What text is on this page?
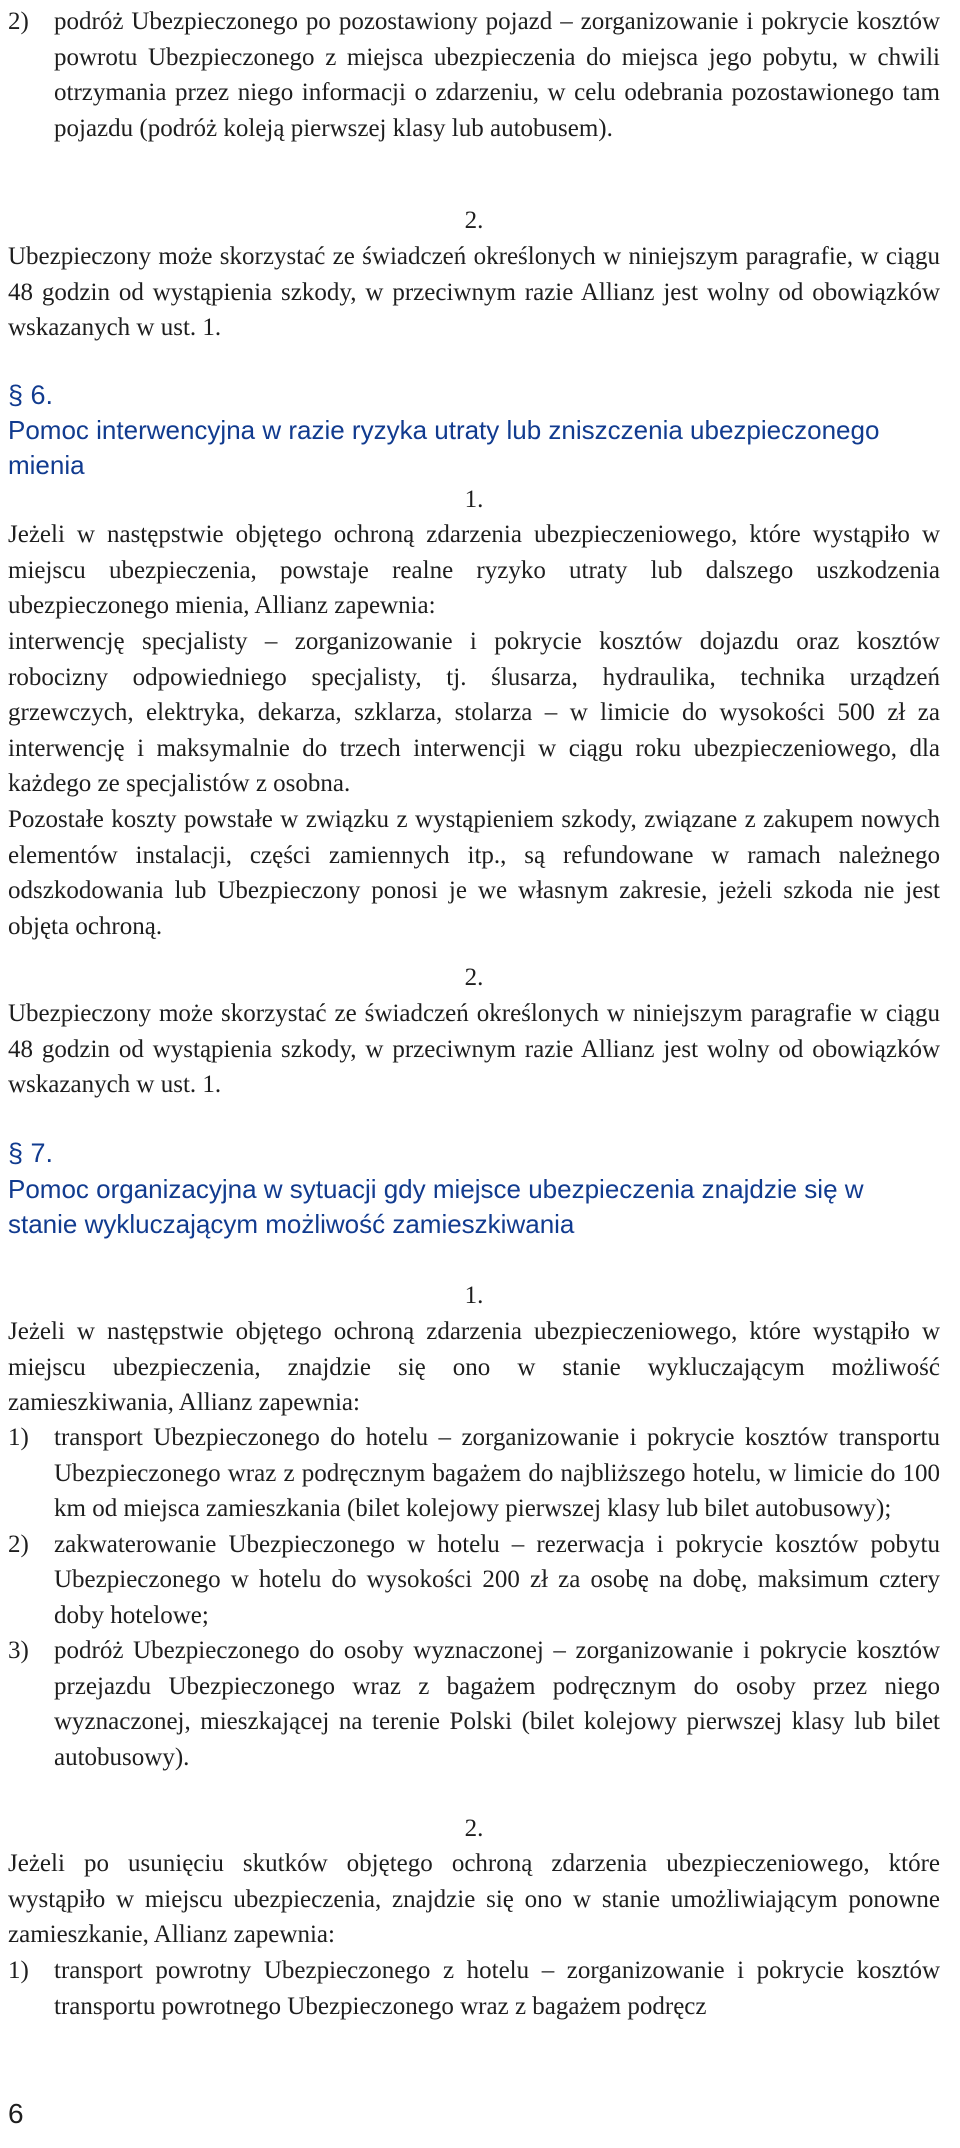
2)	podróż Ubezpieczonego po pozostawiony pojazd – zorganizowanie i pokrycie kosztów powrotu Ubezpieczonego z miejsca ubezpieczenia do miejsca jego pobytu, w chwili otrzymania przez niego informacji o zdarzeniu, w celu odebrania pozostawionego tam pojazdu (podróż koleją pierwszej klasy lub autobusem).

2.

Ubezpieczony może skorzystać ze świadczeń określonych w niniejszym paragrafie, w ciągu 48 godzin od wystąpienia szkody, w przeciwnym razie Allianz jest wolny od obowiązków wskazanych w ust. 1.

§ 6.

Pomoc interwencyjna w razie ryzyka utraty lub zniszczenia ubezpieczonego mienia

1.

Jeżeli w następstwie objętego ochroną zdarzenia ubezpieczeniowego, które wystąpiło w miejscu ubezpieczenia, powstaje realne ryzyko utraty lub dalszego uszkodzenia ubezpieczonego mienia, Allianz zapewnia:

interwencję specjalisty – zorganizowanie i pokrycie kosztów dojazdu oraz kosztów robocizny odpowiedniego specjalisty, tj. ślusarza, hydraulika, technika urządzeń grzewczych, elektryka, dekarza, szklarza, stolarza – w limicie do wysokości 500 zł za interwencję i maksymalnie do trzech interwencji w ciągu roku ubezpieczeniowego, dla każdego ze specjalistów z osobna.

Pozostałe koszty powstałe w związku z wystąpieniem szkody, związane z zakupem nowych elementów instalacji, części zamiennych itp., są refundowane w ramach należnego odszkodowania lub Ubezpieczony ponosi je we własnym zakresie, jeżeli szkoda nie jest objęta ochroną.

2.

Ubezpieczony może skorzystać ze świadczeń określonych w niniejszym paragrafie w ciągu 48 godzin od wystąpienia szkody, w przeciwnym razie Allianz jest wolny od obowiązków wskazanych w ust. 1.

§ 7.

Pomoc organizacyjna w sytuacji gdy miejsce ubezpieczenia znajdzie się w stanie wykluczającym możliwość zamieszkiwania

1.

Jeżeli w następstwie objętego ochroną zdarzenia ubezpieczeniowego, które wystąpiło w miejscu ubezpieczenia, znajdzie się ono w stanie wykluczającym możliwość zamieszkiwania, Allianz zapewnia:

1)	transport Ubezpieczonego do hotelu – zorganizowanie i pokrycie kosztów transportu Ubezpieczonego wraz z podręcznym bagażem do najbliższego hotelu, w limicie do 100 km od miejsca zamieszkania (bilet kolejowy pierwszej klasy lub bilet autobusowy);
2)	zakwaterowanie Ubezpieczonego w hotelu – rezerwacja i pokrycie kosztów pobytu Ubezpieczonego w hotelu do wysokości 200 zł za osobę na dobę, maksimum cztery doby hotelowe;
3)	podróż Ubezpieczonego do osoby wyznaczonej – zorganizowanie i pokrycie kosztów przejazdu Ubezpieczonego wraz z bagażem podręcznym do osoby przez niego wyznaczonej, mieszkającej na terenie Polski (bilet kolejowy pierwszej klasy lub bilet autobusowy).

2.

Jeżeli po usunięciu skutków objętego ochroną zdarzenia ubezpieczeniowego, które wystąpiło w miejscu ubezpieczenia, znajdzie się ono w stanie umożliwiającym ponowne zamieszkanie, Allianz zapewnia:

1)	transport powrotny Ubezpieczonego z hotelu – zorganizowanie i pokrycie kosztów transportu powrotnego Ubezpieczonego wraz z bagażem podręcz
6
